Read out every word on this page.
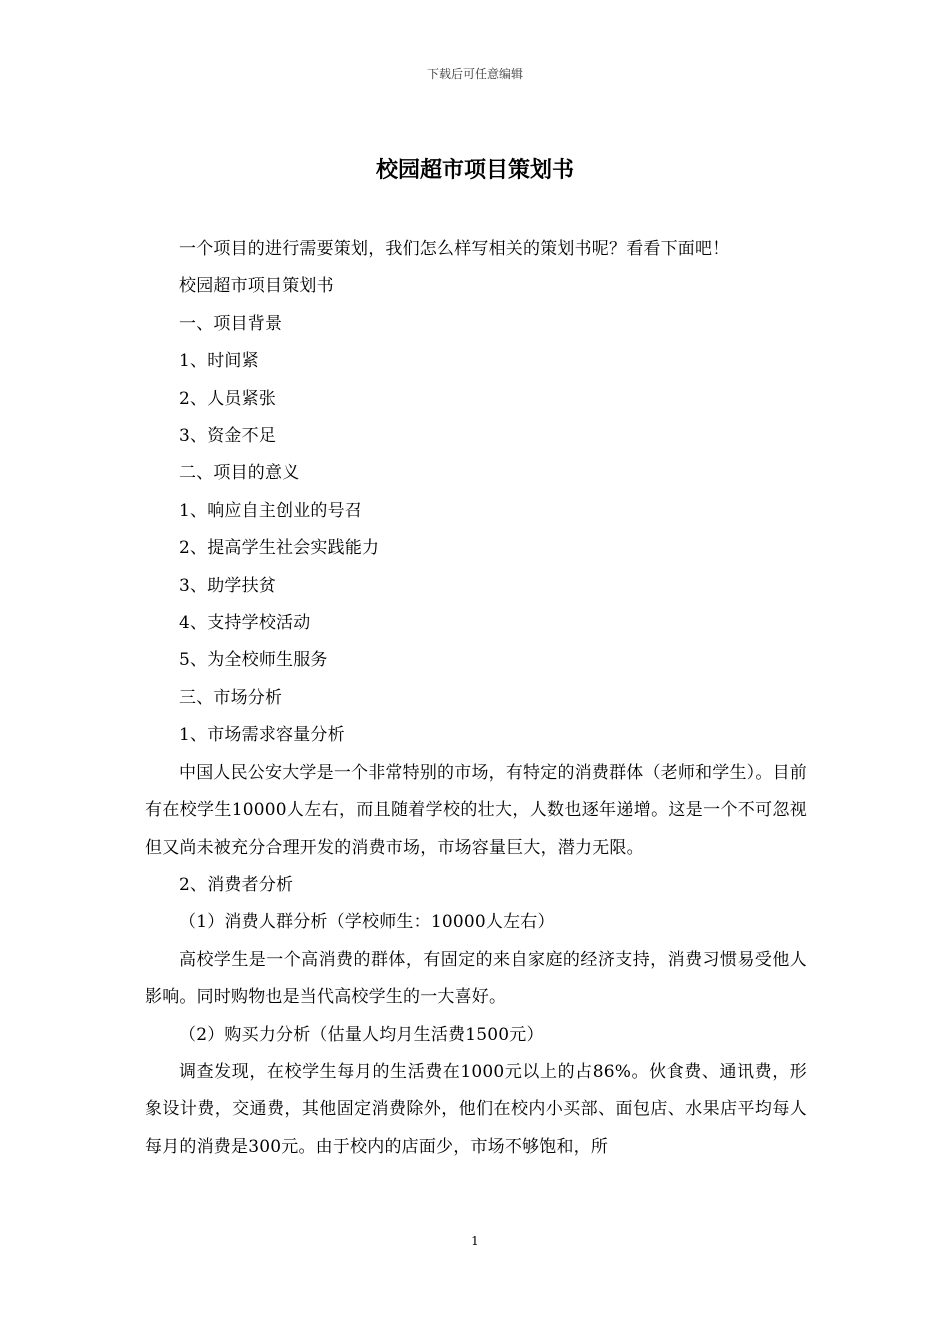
下载后可任意编辑
校园超市项目策划书

一个项目的进行需要策划，我们怎么样写相关的策划书呢？看看下面吧！

校园超市项目策划书

一、项目背景

1、时间紧

2、人员紧张

3、资金不足

二、项目的意义

1、响应自主创业的号召

2、提高学生社会实践能力

3、助学扶贫

4、支持学校活动

5、为全校师生服务

三、市场分析

1、市场需求容量分析

中国人民公安大学是一个非常特别的市场，有特定的消费群体（老师和学生）。目前有在校学生10000人左右，而且随着学校的壮大，人数也逐年递增。这是一个不可忽视但又尚未被充分合理开发的消费市场，市场容量巨大，潜力无限。

2、消费者分析

（1）消费人群分析（学校师生：10000人左右）

高校学生是一个高消费的群体，有固定的来自家庭的经济支持，消费习惯易受他人影响。同时购物也是当代高校学生的一大喜好。

（2）购买力分析（估量人均月生活费1500元）

调查发现，在校学生每月的生活费在1000元以上的占86%。伙食费、通讯费，形象设计费，交通费，其他固定消费除外，他们在校内小买部、面包店、水果店平均每人每月的消费是300元。由于校内的店面少，市场不够饱和，所

1
